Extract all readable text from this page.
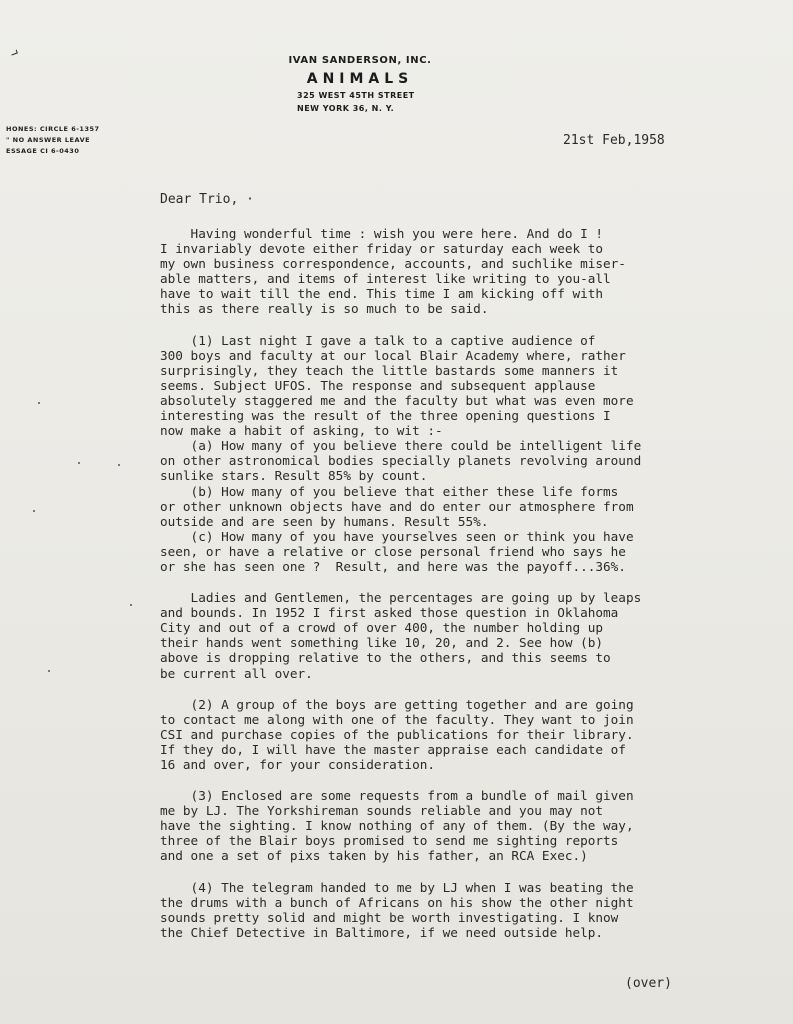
⨼
IVAN SANDERSON, INC.
ANIMALS
325 WEST 45TH STREET
NEW YORK 36, N. Y.
HONES: CIRCLE 6-1357
" NO ANSWER LEAVE
ESSAGE CI 6-0430
21st Feb,1958
Dear Trio, ·
Having wonderful time : wish you were here. And do I !
I invariably devote either friday or saturday each week to
my own business correspondence, accounts, and suchlike miser-
able matters, and items of interest like writing to you-all
have to wait till the end. This time I am kicking off with
this as there really is so much to be said.
(1) Last night I gave a talk to a captive audience of
300 boys and faculty at our local Blair Academy where, rather
surprisingly, they teach the little bastards some manners it
seems. Subject UFOS. The response and subsequent applause
absolutely staggered me and the faculty but what was even more
interesting was the result of the three opening questions I
now make a habit of asking, to wit :-
(a) How many of you believe there could be intelligent life
on other astronomical bodies specially planets revolving around
sunlike stars. Result 85% by count.
(b) How many of you believe that either these life forms
or other unknown objects have and do enter our atmosphere from
outside and are seen by humans. Result 55%.
(c) How many of you have yourselves seen or think you have
seen, or have a relative or close personal friend who says he
or she has seen one ?  Result, and here was the payoff...36%.
Ladies and Gentlemen, the percentages are going up by leaps
and bounds. In 1952 I first asked those question in Oklahoma
City and out of a crowd of over 400, the number holding up
their hands went something like 10, 20, and 2. See how (b)
above is dropping relative to the others, and this seems to
be current all over.
(2) A group of the boys are getting together and are going
to contact me along with one of the faculty. They want to join
CSI and purchase copies of the publications for their library.
If they do, I will have the master appraise each candidate of
16 and over, for your consideration.
(3) Enclosed are some requests from a bundle of mail given
me by LJ. The Yorkshireman sounds reliable and you may not
have the sighting. I know nothing of any of them. (By the way,
three of the Blair boys promised to send me sighting reports
and one a set of pixs taken by his father, an RCA Exec.)
(4) The telegram handed to me by LJ when I was beating the
the drums with a bunch of Africans on his show the other night
sounds pretty solid and might be worth investigating. I know
the Chief Detective in Baltimore, if we need outside help.
(over)
